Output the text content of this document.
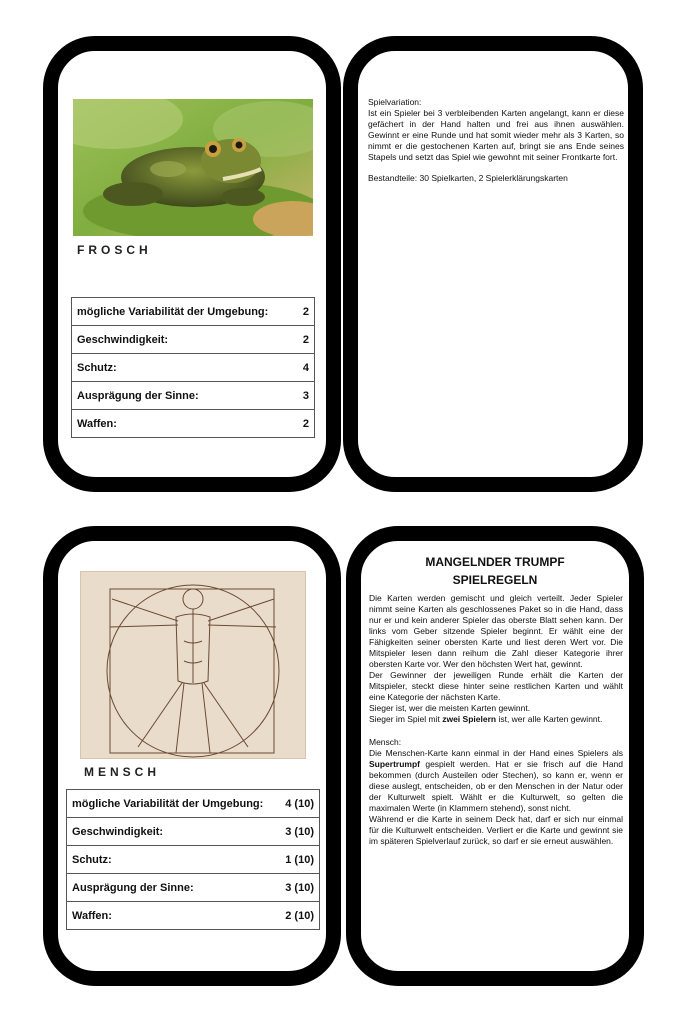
FROSCH
mögliche Variabilität der Umgebung:	2
Geschwindigkeit:	2
Schutz:	4
Ausprägung der Sinne:	3
Waffen:	2

Spielvariation:
Ist ein Spieler bei 3 verbleibenden Karten angelangt, kann er diese gefächert in der Hand halten und frei aus ihnen auswählen. Gewinnt er eine Runde und hat somit wieder mehr als 3 Karten, so nimmt er die gestochenen Karten auf, bringt sie ans Ende seines Stapels und setzt das Spiel wie gewohnt mit seiner Frontkarte fort.

Bestandteile: 30 Spielkarten, 2 Spielerklärungskarten

MENSCH
mögliche Variabilität der Umgebung:	4 (10)
Geschwindigkeit:	3 (10)
Schutz:	1 (10)
Ausprägung der Sinne:	3 (10)
Waffen:	2 (10)
MANGELNDER TRUMPF
SPIELREGELN

Die Karten werden gemischt und gleich verteilt. Jeder Spieler nimmt seine Karten als geschlossenes Paket so in die Hand, dass nur er und kein anderer Spieler das oberste Blatt sehen kann. Der links vom Geber sitzende Spieler beginnt. Er wählt eine der Fähigkeiten seiner obersten Karte und liest deren Wert vor. Die Mitspieler lesen dann reihum die Zahl dieser Kategorie ihrer obersten Karte vor. Wer den höchsten Wert hat, gewinnt.

Der Gewinner der jeweiligen Runde erhält die Karten der Mitspieler, steckt diese hinter seine restlichen Karten und wählt eine Kategorie der nächsten Karte.

Sieger ist, wer die meisten Karten gewinnt.

Sieger im Spiel mit zwei Spielern ist, wer alle Karten gewinnt.

Mensch:

Die Menschen-Karte kann einmal in der Hand eines Spielers als Supertrumpf gespielt werden. Hat er sie frisch auf die Hand bekommen (durch Austeilen oder Stechen), so kann er, wenn er diese auslegt, entscheiden, ob er den Menschen in der Natur oder der Kulturwelt spielt. Wählt er die Kulturwelt, so gelten die maximalen Werte (in Klammern stehend), sonst nicht.

Während er die Karte in seinem Deck hat, darf er sich nur einmal für die Kulturwelt entscheiden. Verliert er die Karte und gewinnt sie im späteren Spielverlauf zurück, so darf er sie erneut auswählen.
